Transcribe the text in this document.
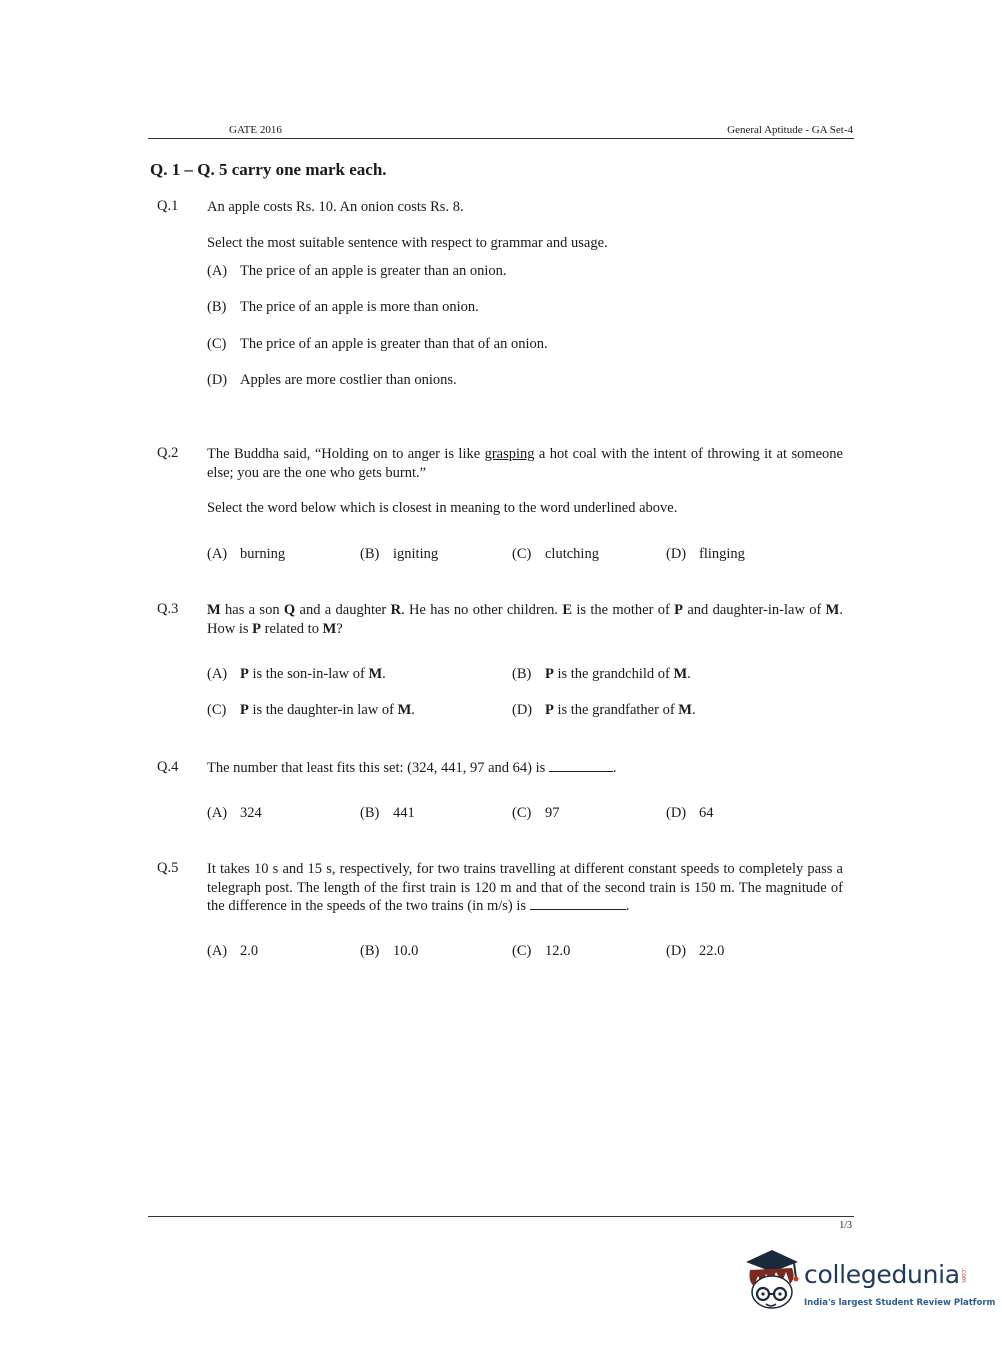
GATE 2016	General Aptitude - GA Set-4
Q. 1 – Q. 5 carry one mark each.
Q.1 An apple costs Rs. 10. An onion costs Rs. 8.
Select the most suitable sentence with respect to grammar and usage.
(A) The price of an apple is greater than an onion.
(B) The price of an apple is more than onion.
(C) The price of an apple is greater than that of an onion.
(D) Apples are more costlier than onions.
Q.2 The Buddha said, “Holding on to anger is like grasping a hot coal with the intent of throwing it at someone else; you are the one who gets burnt.”
Select the word below which is closest in meaning to the word underlined above.
(A) burning	(B) igniting	(C) clutching	(D) flinging
Q.3 M has a son Q and a daughter R. He has no other children. E is the mother of P and daughter-in-law of M. How is P related to M?
(A) P is the son-in-law of M.	(B) P is the grandchild of M.
(C) P is the daughter-in law of M.	(D) P is the grandfather of M.
Q.4 The number that least fits this set: (324, 441, 97 and 64) is	.
(A) 324	(B) 441	(C) 97	(D) 64
Q.5 It takes 10 s and 15 s, respectively, for two trains travelling at different constant speeds to completely pass a telegraph post. The length of the first train is 120 m and that of the second train is 150 m. The magnitude of the difference in the speeds of the two trains (in m/s) is	.
(A) 2.0	(B) 10.0	(C) 12.0	(D) 22.0
1/3
collegedunia .com
India's largest Student Review Platform
